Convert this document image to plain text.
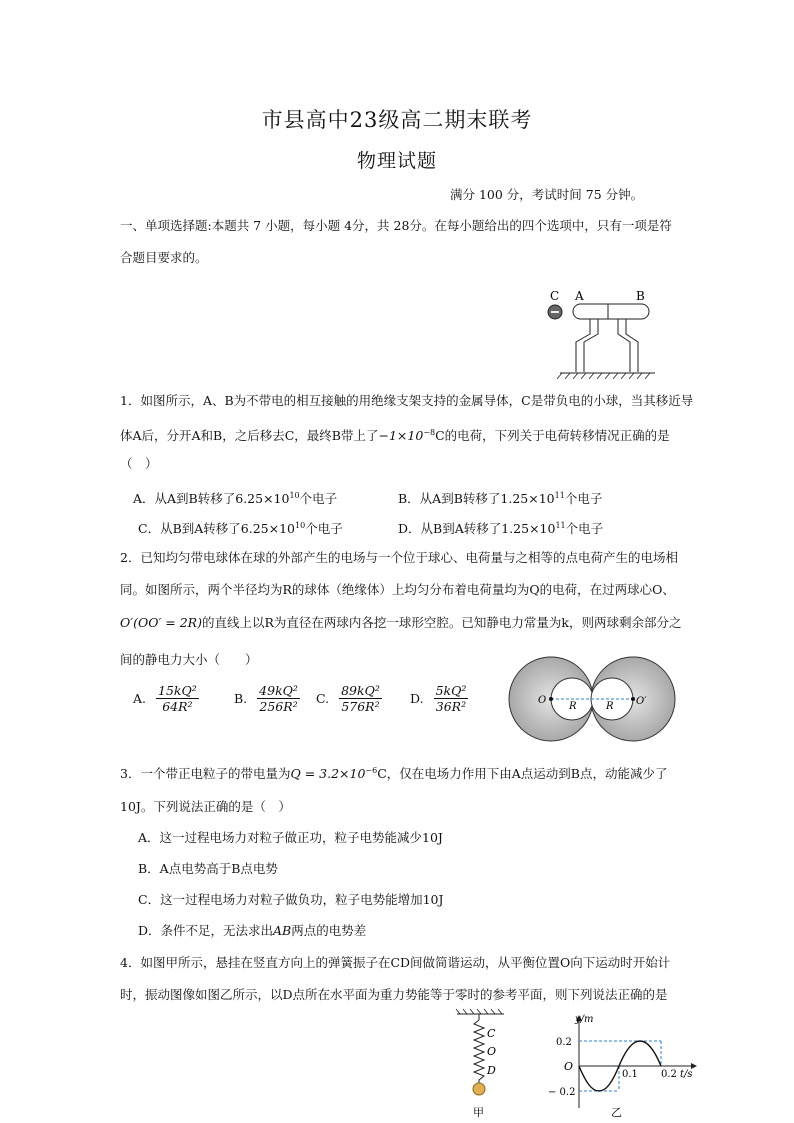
市县高中23级高二期末联考
物理试题
满分 100 分，考试时间 75 分钟。
一、单项选择题:本题共 7 小题，每小题 4分，共 28分。在每小题给出的四个选项中，只有一项是符
合题目要求的。
C A	B
1．如图所示，A、B为不带电的相互接触的用绝缘支架支持的金属导体，C是带负电的小球，当其移近导
体A后，分开A和B，之后移去C，最终B带上了$-1\times 10^{-8}C$的电荷，下列关于电荷转移情况正确的是
（　）
A．从A到B转移了$6.25\times 10^{10}$个电子	B．从A到B转移了$1.25\times 10^{11}$个电子
C．从B到A转移了$6.25\times 10^{10}$个电子	D．从B到A转移了$1.25\times 10^{11}$个电子
2．已知均匀带电球体在球的外部产生的电场与一个位于球心、电荷量与之相等的点电荷产生的电场相
同。如图所示，两个半径均为R的球体（绝缘体）上均匀分布着电荷量均为Q的电荷，在过两球心O、
O′(OO′ = 2R)的直线上以R为直径在两球内各挖一球形空腔。已知静电力常量为k，则两球剩余部分之
间的静电力大小（　　）
A. $\frac{\text{15kQ²}}{\text{64R²}}$	B. $\frac{\text{49kQ²}}{\text{256R²}} C$. $\frac{\text{89kQ²}}{\text{576R²}} D$. $\frac{\text{5kQ²}}{\text{36R²}}$	O	O′
R	R
3．一个带正电粒子的带电量为$Q = 3.2\times 10^{-6}C$，仅在电场力作用下由A点运动到B点，动能减少了
10J。下列说法正确的是（　）
A．这一过程电场力对粒子做正功，粒子电势能减少10J
B．A点电势高于B点电势
C．这一过程电场力对粒子做负功，粒子电势能增加10J
D．条件不足，无法求出AB两点的电势差
4．如图甲所示，悬挂在竖直方向上的弹簧振子在CD间做简谐运动，从平衡位置O向下运动时开始计
时，振动图像如图乙所示，以D点所在水平面为重力势能等于零时的参考平面，则下列说法正确的是
C
O
D
甲
y/m
t/s
O
0.2
− 0.2
0.1 0.2
乙
